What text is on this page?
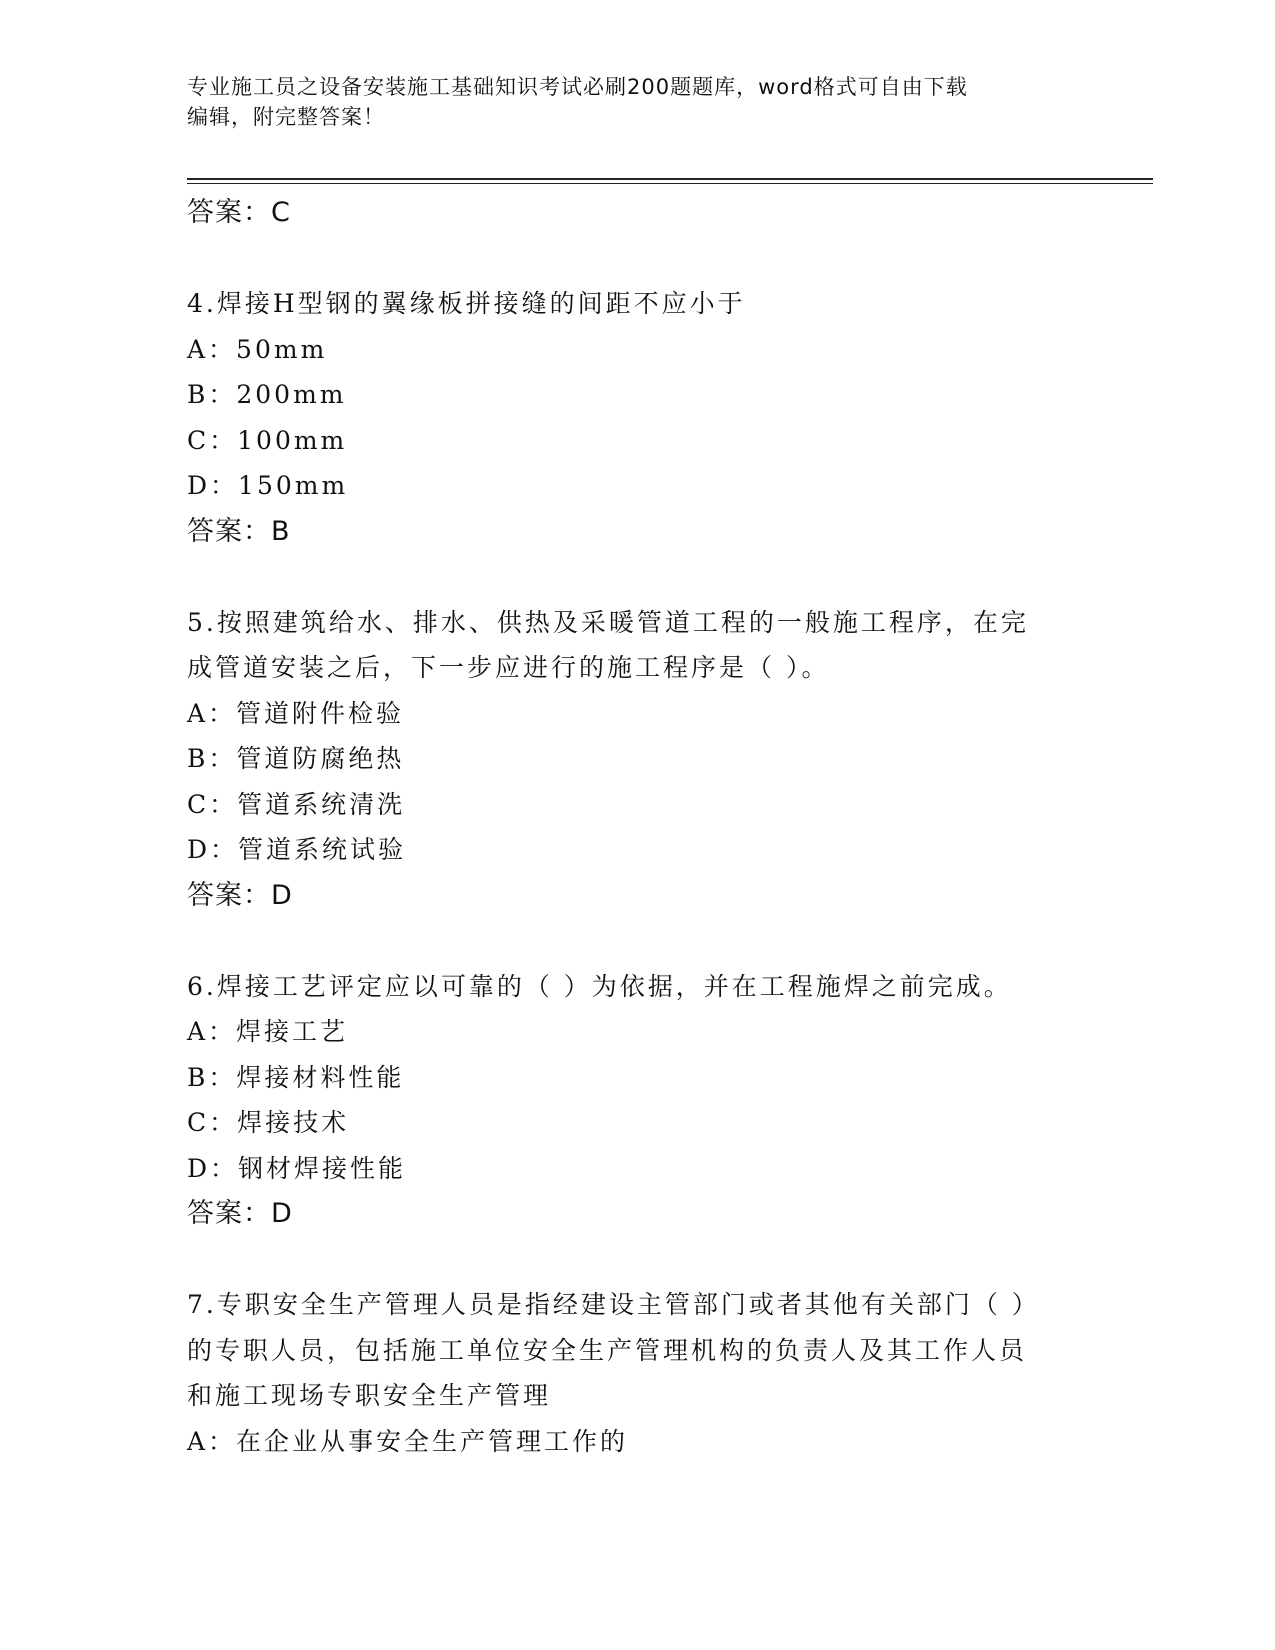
专业施工员之设备安装施工基础知识考试必刷200题题库，word格式可自由下载
编辑，附完整答案！
答案：C
4.焊接H型钢的翼缘板拼接缝的间距不应小于
A：50mm
B：200mm
C：100mm
D：150mm
答案：B
5.按照建筑给水、排水、供热及采暖管道工程的一般施工程序，在完
成管道安装之后，下一步应进行的施工程序是（ ）。
A：管道附件检验
B：管道防腐绝热
C：管道系统清洗
D：管道系统试验
答案：D
6.焊接工艺评定应以可靠的（ ）为依据，并在工程施焊之前完成。
A：焊接工艺
B：焊接材料性能
C：焊接技术
D：钢材焊接性能
答案：D
7.专职安全生产管理人员是指经建设主管部门或者其他有关部门（ ）
的专职人员，包括施工单位安全生产管理机构的负责人及其工作人员
和施工现场专职安全生产管理
A：在企业从事安全生产管理工作的
